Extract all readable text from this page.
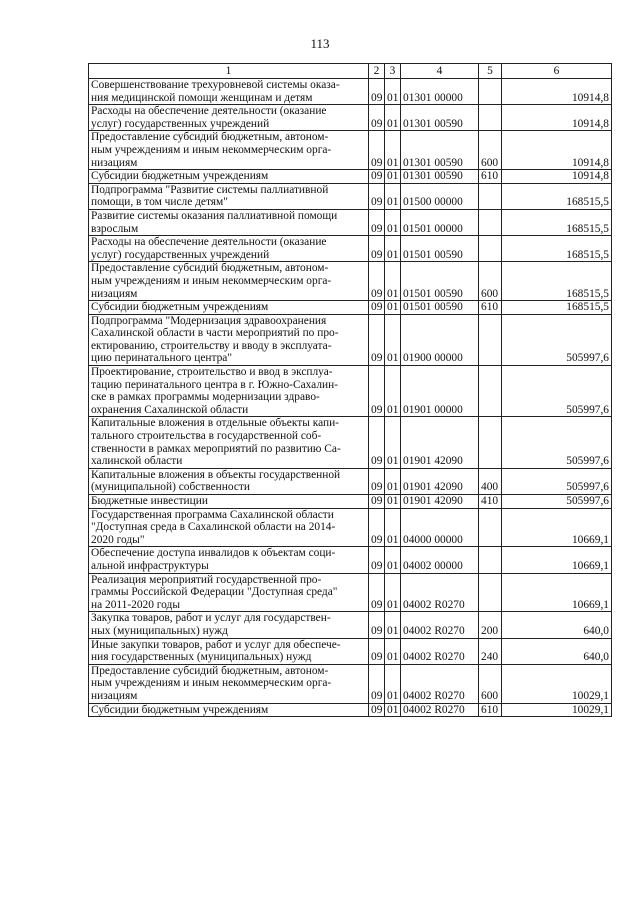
113
1	2	3	4	5	6
Совершенствование трехуровневой системы оказа-
ния медицинской помощи женщинам и детям	09	01	01301 00000		10914,8
Расходы на обеспечение деятельности (оказание
услуг) государственных учреждений	09	01	01301 00590		10914,8
Предоставление субсидий бюджетным, автоном-
ным учреждениям и иным некоммерческим орга-
низациям	09	01	01301 00590	600	10914,8
Субсидии бюджетным учреждениям	09	01	01301 00590	610	10914,8
Подпрограмма "Развитие системы паллиативной
помощи, в том числе детям"	09	01	01500 00000		168515,5
Развитие системы оказания паллиативной помощи
взрослым	09	01	01501 00000		168515,5
Расходы на обеспечение деятельности (оказание
услуг) государственных учреждений	09	01	01501 00590		168515,5
Предоставление субсидий бюджетным, автоном-
ным учреждениям и иным некоммерческим орга-
низациям	09	01	01501 00590	600	168515,5
Субсидии бюджетным учреждениям	09	01	01501 00590	610	168515,5
Подпрограмма "Модернизация здравоохранения
Сахалинской области в части мероприятий по про-
ектированию, строительству и вводу в эксплуата-
цию перинатального центра"	09	01	01900 00000		505997,6
Проектирование, строительство и ввод в эксплуа-
тацию перинатального центра в г. Южно-Сахалин-
ске в рамках программы модернизации здраво-
охранения Сахалинской области	09	01	01901 00000		505997,6
Капитальные вложения в отдельные объекты капи-
тального строительства в государственной соб-
ственности в рамках мероприятий по развитию Са-
халинской области	09	01	01901 42090		505997,6
Капитальные вложения в объекты государственной
(муниципальной) собственности	09	01	01901 42090	400	505997,6
Бюджетные инвестиции	09	01	01901 42090	410	505997,6
Государственная программа Сахалинской области
"Доступная среда в Сахалинской области на 2014-
2020 годы"	09	01	04000 00000		10669,1
Обеспечение доступа инвалидов к объектам соци-
альной инфраструктуры	09	01	04002 00000		10669,1
Реализация мероприятий государственной про-
граммы Российской Федерации "Доступная среда"
на 2011-2020 годы	09	01	04002 R0270		10669,1
Закупка товаров, работ и услуг для государствен-
ных (муниципальных) нужд	09	01	04002 R0270	200	640,0
Иные закупки товаров, работ и услуг для обеспече-
ния государственных (муниципальных) нужд	09	01	04002 R0270	240	640,0
Предоставление субсидий бюджетным, автоном-
ным учреждениям и иным некоммерческим орга-
низациям	09	01	04002 R0270	600	10029,1
Субсидии бюджетным учреждениям	09	01	04002 R0270	610	10029,1
